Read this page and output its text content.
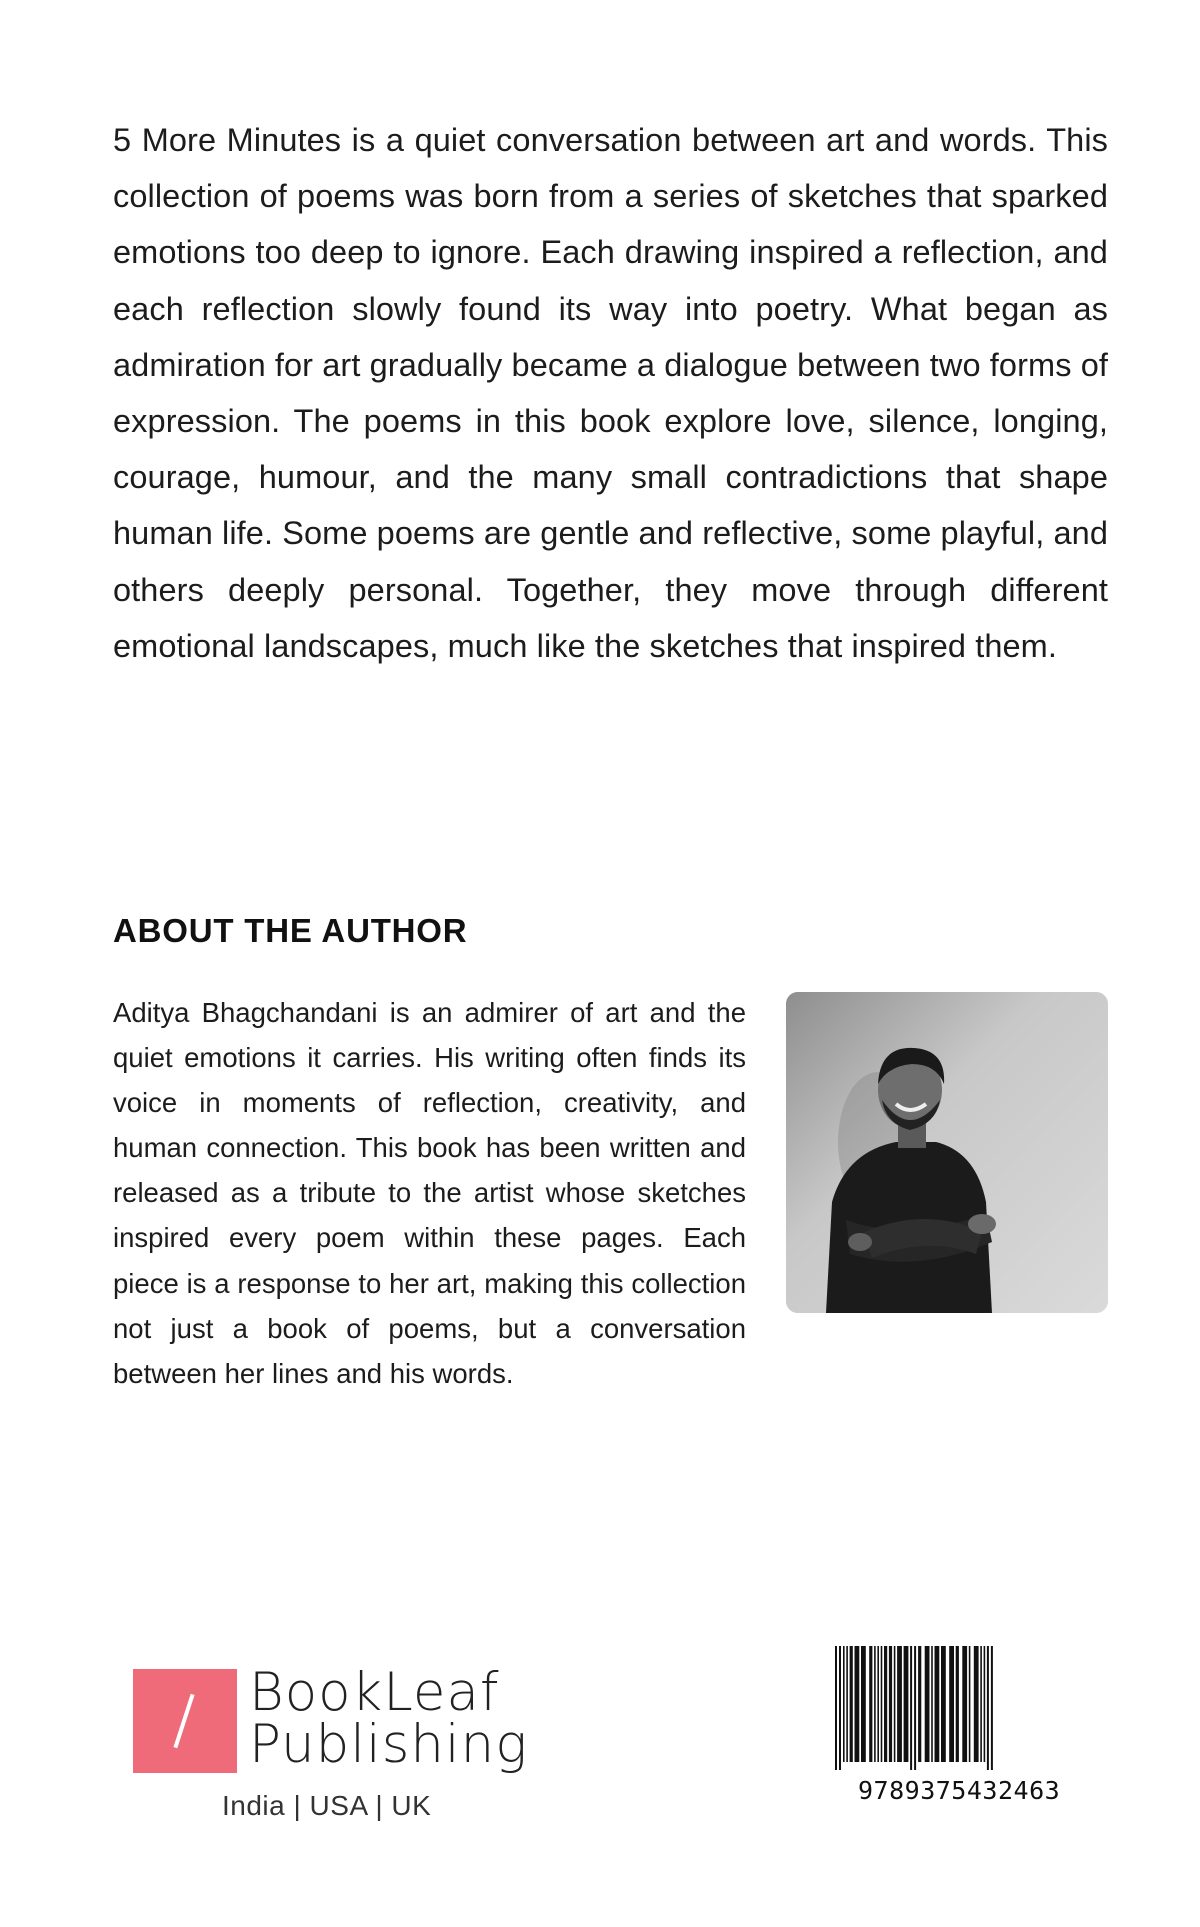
5 More Minutes is a quiet conversation between art and words. This collection of poems was born from a series of sketches that sparked emotions too deep to ignore. Each drawing inspired a reflection, and each reflection slowly found its way into poetry. What began as admiration for art gradually became a dialogue between two forms of expression. The poems in this book explore love, silence, longing, courage, humour, and the many small contradictions that shape human life. Some poems are gentle and reflective, some playful, and others deeply personal. Together, they move through different emotional landscapes, much like the sketches that inspired them.

ABOUT THE AUTHOR

Aditya Bhagchandani is an admirer of art and the quiet emotions it carries. His writing often finds its voice in moments of reflection, creativity, and human connection. This book has been written and released as a tribute to the artist whose sketches inspired every poem within these pages. Each piece is a response to her art, making this collection not just a book of poems, but a conversation between her lines and his words.

BookLeaf
Publishing
India | USA | UK	9789375432463
